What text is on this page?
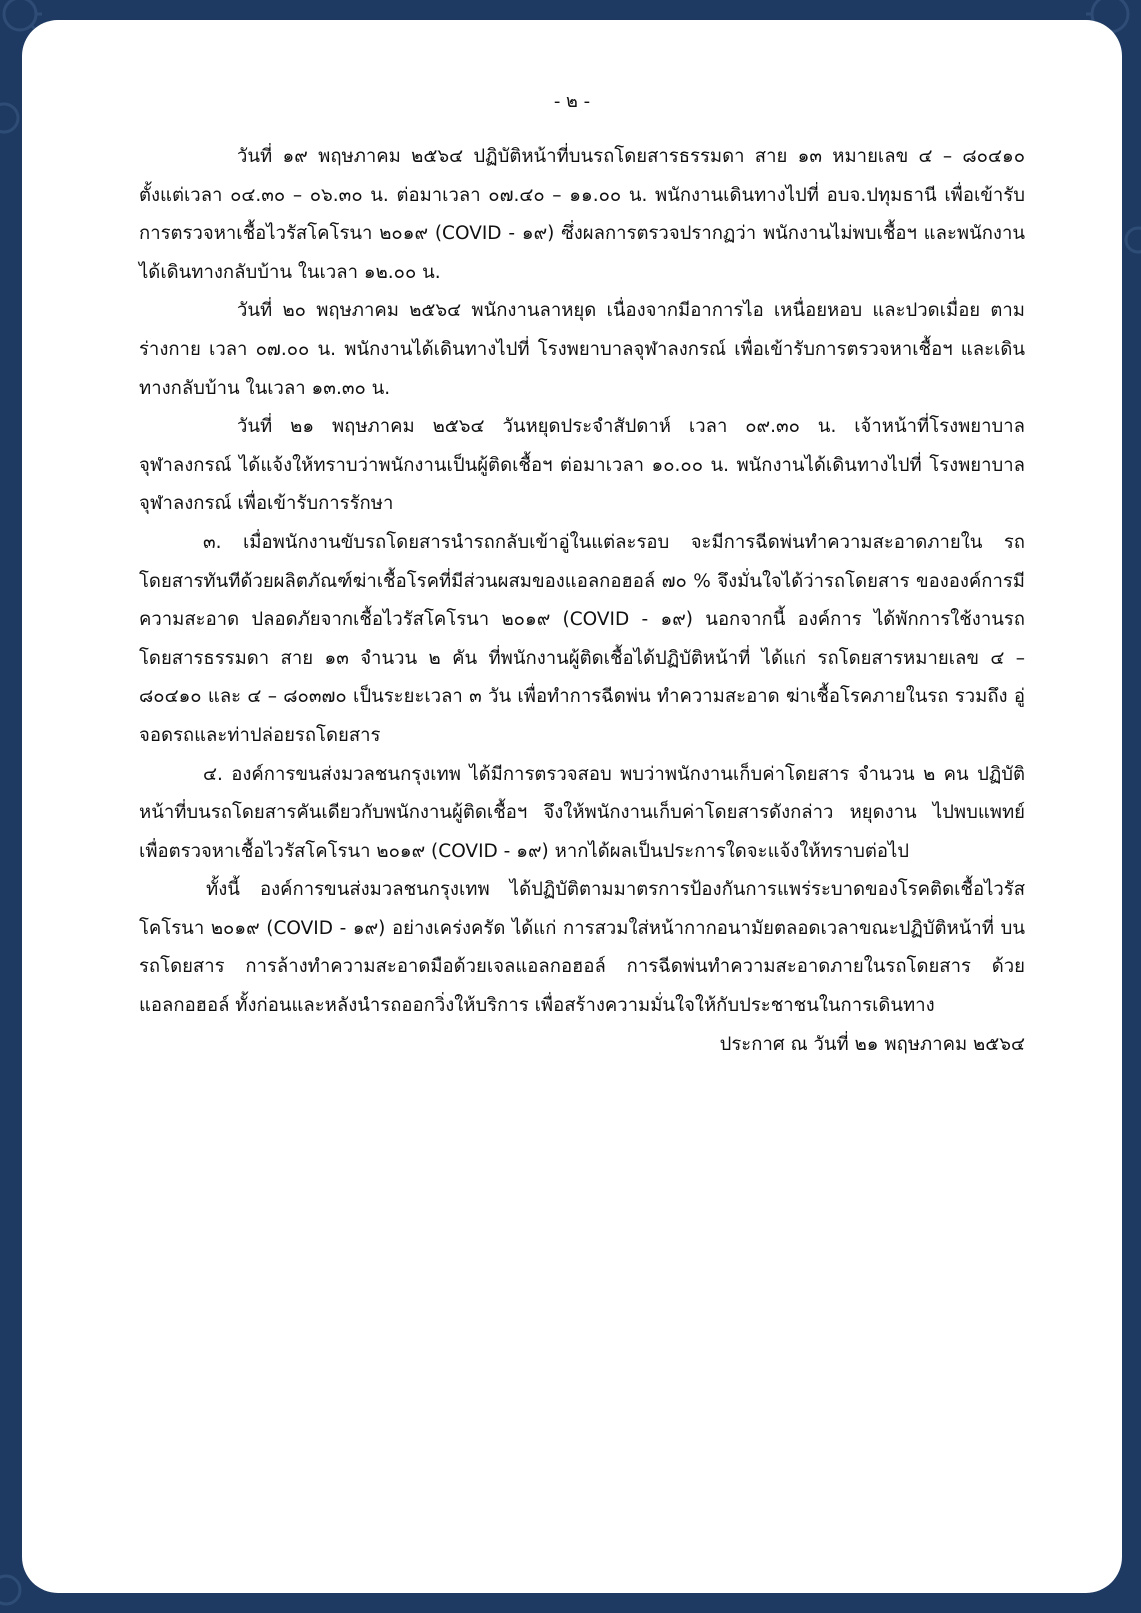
- ๒ -

วันที่ ๑๙ พฤษภาคม ๒๕๖๔ ปฏิบัติหน้าที่บนรถโดยสารธรรมดา สาย ๑๓ หมายเลข ๔ – ๘๐๔๑๐ ตั้งแต่เวลา ๐๔.๓๐ – ๐๖.๓๐ น. ต่อมาเวลา ๐๗.๔๐ – ๑๑.๐๐ น. พนักงานเดินทางไปที่ อบจ.ปทุมธานี เพื่อเข้ารับการตรวจหาเชื้อไวรัสโคโรนา ๒๐๑๙ (COVID - ๑๙) ซึ่งผลการตรวจปรากฏว่า พนักงานไม่พบเชื้อฯ และพนักงานได้เดินทางกลับบ้าน ในเวลา ๑๒.๐๐ น.

วันที่ ๒๐ พฤษภาคม ๒๕๖๔ พนักงานลาหยุด เนื่องจากมีอาการไอ เหนื่อยหอบ และปวดเมื่อย ตามร่างกาย เวลา ๐๗.๐๐ น. พนักงานได้เดินทางไปที่ โรงพยาบาลจุฬาลงกรณ์ เพื่อเข้ารับการตรวจหาเชื้อฯ และเดินทางกลับบ้าน ในเวลา ๑๓.๓๐ น.

วันที่ ๒๑ พฤษภาคม ๒๕๖๔ วันหยุดประจำสัปดาห์ เวลา ๐๙.๓๐ น. เจ้าหน้าที่โรงพยาบาล จุฬาลงกรณ์ ได้แจ้งให้ทราบว่าพนักงานเป็นผู้ติดเชื้อฯ ต่อมาเวลา ๑๐.๐๐ น. พนักงานได้เดินทางไปที่ โรงพยาบาลจุฬาลงกรณ์ เพื่อเข้ารับการรักษา

๓. เมื่อพนักงานขับรถโดยสารนำรถกลับเข้าอู่ในแต่ละรอบ จะมีการฉีดพ่นทำความสะอาดภายใน รถโดยสารทันทีด้วยผลิตภัณฑ์ฆ่าเชื้อโรคที่มีส่วนผสมของแอลกอฮอล์ ๗๐ % จึงมั่นใจได้ว่ารถโดยสาร ขององค์การมีความสะอาด ปลอดภัยจากเชื้อไวรัสโคโรนา ๒๐๑๙ (COVID - ๑๙) นอกจากนี้ องค์การ ได้พักการใช้งานรถโดยสารธรรมดา สาย ๑๓ จำนวน ๒ คัน ที่พนักงานผู้ติดเชื้อได้ปฏิบัติหน้าที่ ได้แก่ รถโดยสารหมายเลข ๔ – ๘๐๔๑๐ และ ๔ – ๘๐๓๗๐ เป็นระยะเวลา ๓ วัน เพื่อทำการฉีดพ่น ทำความสะอาด ฆ่าเชื้อโรคภายในรถ รวมถึง อู่จอดรถและท่าปล่อยรถโดยสาร

๔. องค์การขนส่งมวลชนกรุงเทพ ได้มีการตรวจสอบ พบว่าพนักงานเก็บค่าโดยสาร จำนวน ๒ คน ปฏิบัติหน้าที่บนรถโดยสารคันเดียวกับพนักงานผู้ติดเชื้อฯ จึงให้พนักงานเก็บค่าโดยสารดังกล่าว หยุดงาน ไปพบแพทย์ เพื่อตรวจหาเชื้อไวรัสโคโรนา ๒๐๑๙ (COVID - ๑๙) หากได้ผลเป็นประการใดจะแจ้งให้ทราบต่อไป

ทั้งนี้ องค์การขนส่งมวลชนกรุงเทพ ได้ปฏิบัติตามมาตรการป้องกันการแพร่ระบาดของโรคติดเชื้อไวรัส โคโรนา ๒๐๑๙ (COVID - ๑๙) อย่างเคร่งครัด ได้แก่ การสวมใส่หน้ากากอนามัยตลอดเวลาขณะปฏิบัติหน้าที่ บนรถโดยสาร การล้างทำความสะอาดมือด้วยเจลแอลกอฮอล์ การฉีดพ่นทำความสะอาดภายในรถโดยสาร ด้วยแอลกอฮอล์ ทั้งก่อนและหลังนำรถออกวิ่งให้บริการ เพื่อสร้างความมั่นใจให้กับประชาชนในการเดินทาง

ประกาศ ณ วันที่ ๒๑ พฤษภาคม ๒๕๖๔
